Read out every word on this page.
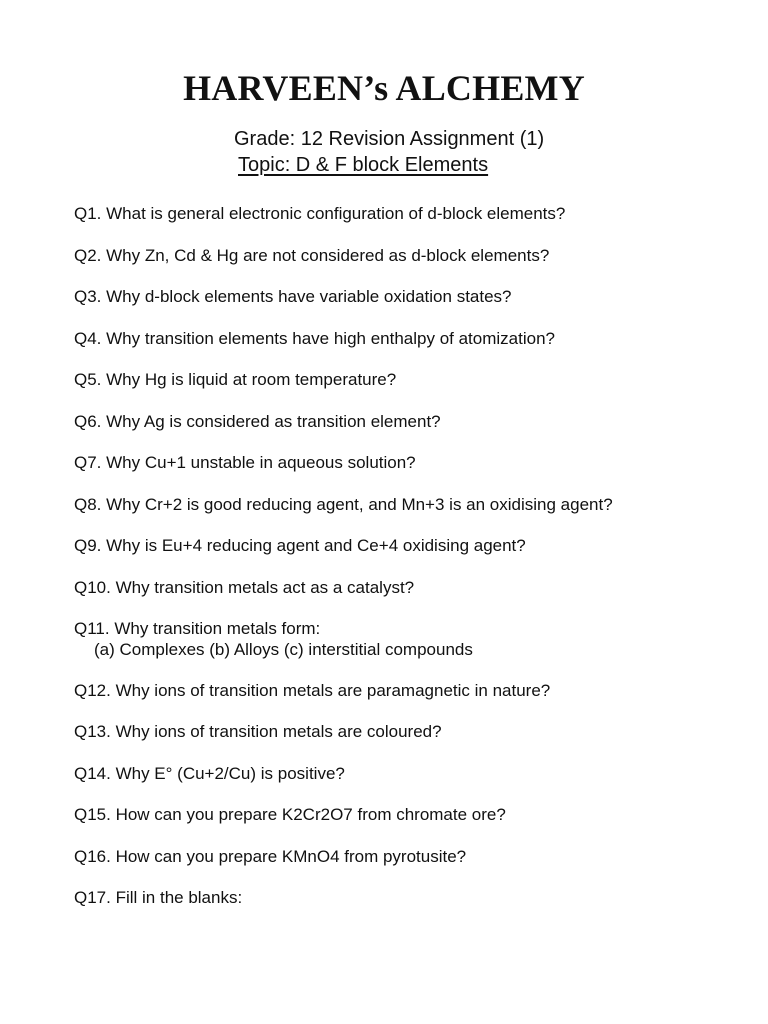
HARVEEN’s ALCHEMY

Grade: 12 Revision Assignment (1)

Topic: D & F block Elements

Q1. What is general electronic configuration of d-block elements?

Q2. Why Zn, Cd & Hg are not considered as d-block elements?

Q3. Why d-block elements have variable oxidation states?

Q4. Why transition elements have high enthalpy of atomization?

Q5. Why Hg is liquid at room temperature?

Q6. Why Ag is considered as transition element?

Q7. Why Cu+1 unstable in aqueous solution?

Q8. Why Cr+2 is good reducing agent, and Mn+3 is an oxidising agent?

Q9. Why is Eu+4 reducing agent and Ce+4 oxidising agent?

Q10. Why transition metals act as a catalyst?

Q11. Why transition metals form:
(a) Complexes (b) Alloys (c) interstitial compounds

Q12. Why ions of transition metals are paramagnetic in nature?

Q13. Why ions of transition metals are coloured?

Q14. Why E° (Cu+2/Cu) is positive?

Q15. How can you prepare K2Cr2O7 from chromate ore?

Q16. How can you prepare KMnO4 from pyrotusite?

Q17. Fill in the blanks:
